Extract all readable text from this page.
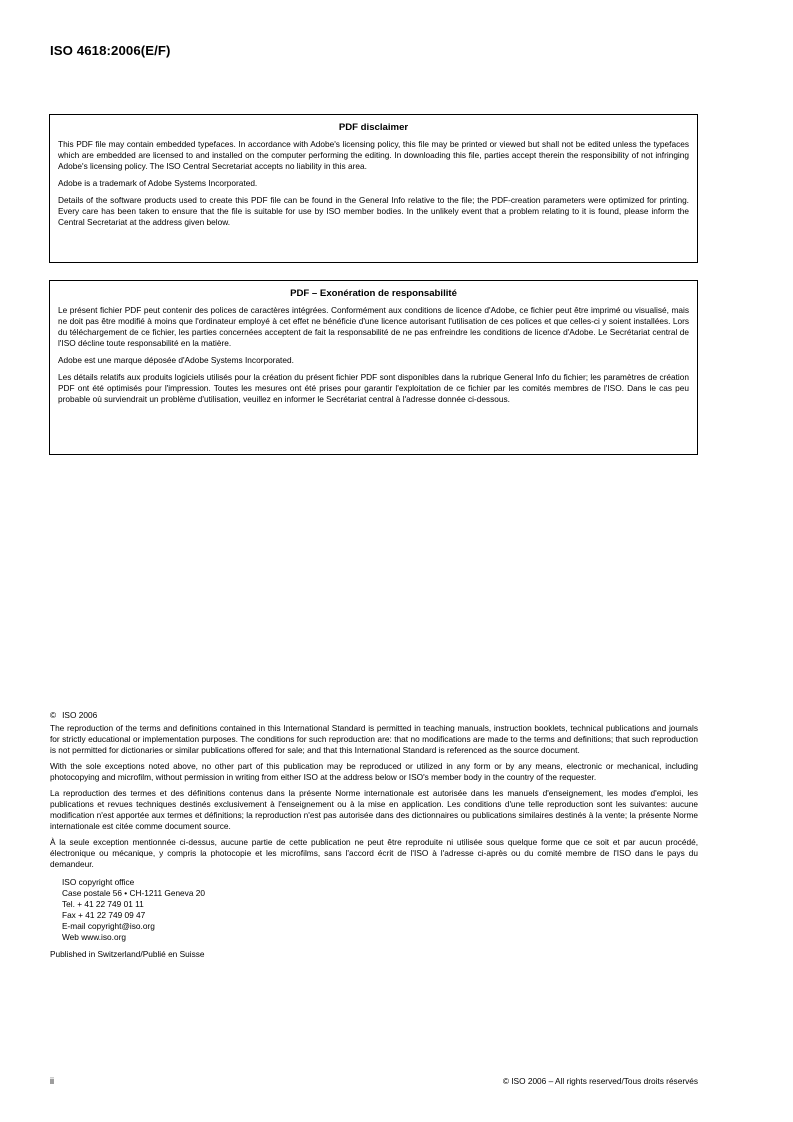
ISO 4618:2006(E/F)
PDF disclaimer

This PDF file may contain embedded typefaces. In accordance with Adobe's licensing policy, this file may be printed or viewed but shall not be edited unless the typefaces which are embedded are licensed to and installed on the computer performing the editing. In downloading this file, parties accept therein the responsibility of not infringing Adobe's licensing policy. The ISO Central Secretariat accepts no liability in this area.

Adobe is a trademark of Adobe Systems Incorporated.

Details of the software products used to create this PDF file can be found in the General Info relative to the file; the PDF-creation parameters were optimized for printing. Every care has been taken to ensure that the file is suitable for use by ISO member bodies. In the unlikely event that a problem relating to it is found, please inform the Central Secretariat at the address given below.

PDF – Exonération de responsabilité

Le présent fichier PDF peut contenir des polices de caractères intégrées. Conformément aux conditions de licence d'Adobe, ce fichier peut être imprimé ou visualisé, mais ne doit pas être modifié à moins que l'ordinateur employé à cet effet ne bénéficie d'une licence autorisant l'utilisation de ces polices et que celles-ci y soient installées. Lors du téléchargement de ce fichier, les parties concernées acceptent de fait la responsabilité de ne pas enfreindre les conditions de licence d'Adobe. Le Secrétariat central de l'ISO décline toute responsabilité en la matière.

Adobe est une marque déposée d'Adobe Systems Incorporated.

Les détails relatifs aux produits logiciels utilisés pour la création du présent fichier PDF sont disponibles dans la rubrique General Info du fichier; les paramètres de création PDF ont été optimisés pour l'impression. Toutes les mesures ont été prises pour garantir l'exploitation de ce fichier par les comités membres de l'ISO. Dans le cas peu probable où surviendrait un problème d'utilisation, veuillez en informer le Secrétariat central à l'adresse donnée ci-dessous.

© ISO 2006

The reproduction of the terms and definitions contained in this International Standard is permitted in teaching manuals, instruction booklets, technical publications and journals for strictly educational or implementation purposes. The conditions for such reproduction are: that no modifications are made to the terms and definitions; that such reproduction is not permitted for dictionaries or similar publications offered for sale; and that this International Standard is referenced as the source document.

With the sole exceptions noted above, no other part of this publication may be reproduced or utilized in any form or by any means, electronic or mechanical, including photocopying and microfilm, without permission in writing from either ISO at the address below or ISO's member body in the country of the requester.

La reproduction des termes et des définitions contenus dans la présente Norme internationale est autorisée dans les manuels d'enseignement, les modes d'emploi, les publications et revues techniques destinés exclusivement à l'enseignement ou à la mise en application. Les conditions d'une telle reproduction sont les suivantes: aucune modification n'est apportée aux termes et définitions; la reproduction n'est pas autorisée dans des dictionnaires ou publications similaires destinés à la vente; la présente Norme internationale est citée comme document source.

À la seule exception mentionnée ci-dessus, aucune partie de cette publication ne peut être reproduite ni utilisée sous quelque forme que ce soit et par aucun procédé, électronique ou mécanique, y compris la photocopie et les microfilms, sans l'accord écrit de l'ISO à l'adresse ci-après ou du comité membre de l'ISO dans le pays du demandeur.

ISO copyright office
Case postale 56 • CH-1211 Geneva 20
Tel. + 41 22 749 01 11
Fax + 41 22 749 09 47
E-mail copyright@iso.org
Web www.iso.org

Published in Switzerland/Publié en Suisse

ii	© ISO 2006 – All rights reserved/Tous droits réservés
